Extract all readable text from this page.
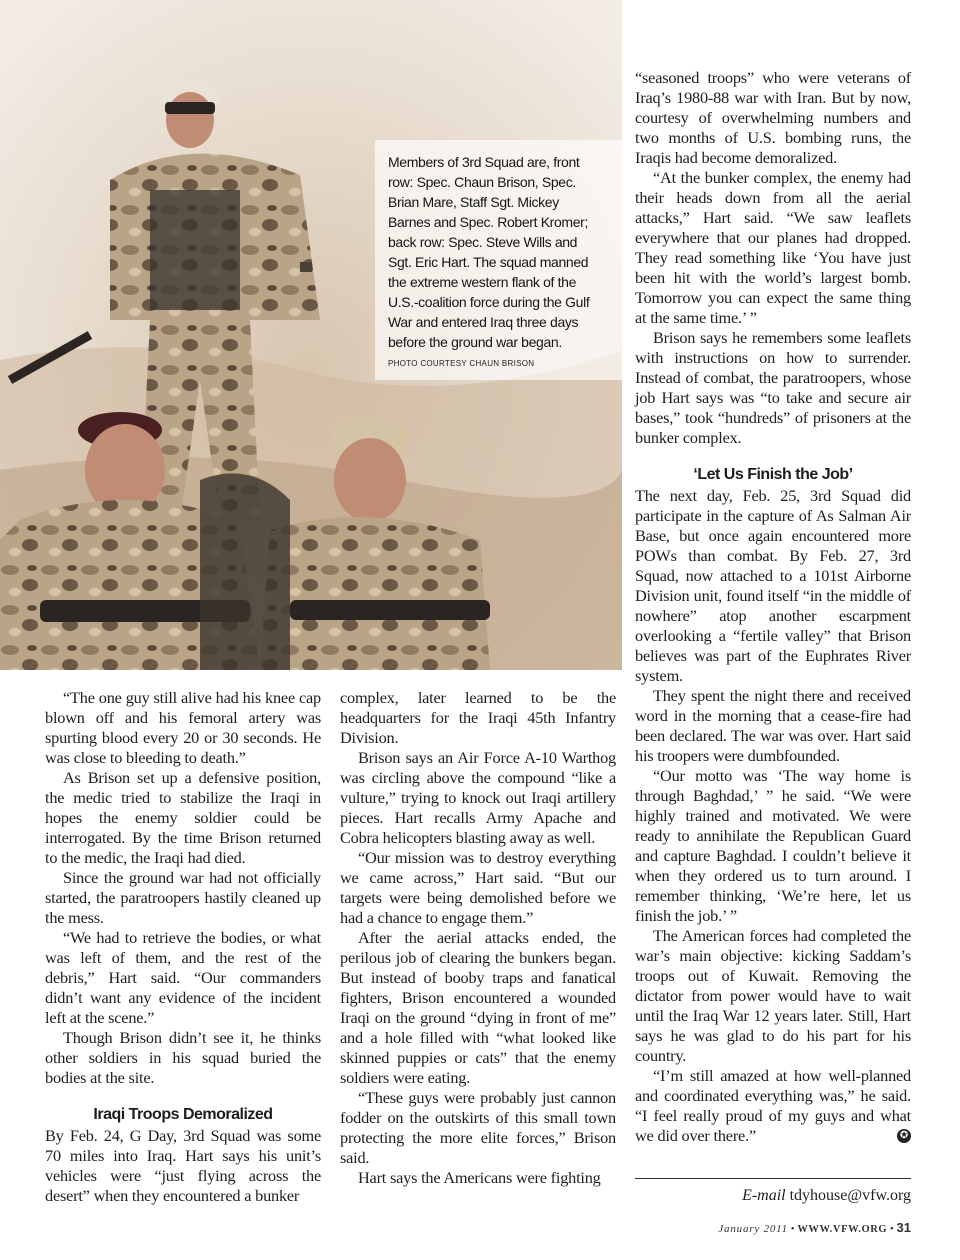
Members of 3rd Squad are, front row: Spec. Chaun Brison, Spec. Brian Mare, Staff Sgt. Mickey Barnes and Spec. Robert Kromer; back row: Spec. Steve Wills and Sgt. Eric Hart. The squad manned the extreme western flank of the U.S.-coalition force during the Gulf War and entered Iraq three days before the ground war began.
PHOTO COURTESY CHAUN BRISON

“The one guy still alive had his knee cap blown off and his femoral artery was spurting blood every 20 or 30 seconds. He was close to bleeding to death.”

As Brison set up a defensive position, the medic tried to stabilize the Iraqi in hopes the enemy soldier could be interrogated. By the time Brison returned to the medic, the Iraqi had died.

Since the ground war had not officially started, the paratroopers hastily cleaned up the mess.

“We had to retrieve the bodies, or what was left of them, and the rest of the debris,” Hart said. “Our commanders didn’t want any evidence of the incident left at the scene.”

Though Brison didn’t see it, he thinks other soldiers in his squad buried the bodies at the site.

Iraqi Troops Demoralized

By Feb. 24, G Day, 3rd Squad was some 70 miles into Iraq. Hart says his unit’s vehicles were “just flying across the desert” when they encountered a bunker

complex, later learned to be the headquarters for the Iraqi 45th Infantry Division.

Brison says an Air Force A-10 Warthog was circling above the compound “like a vulture,” trying to knock out Iraqi artillery pieces. Hart recalls Army Apache and Cobra helicopters blasting away as well.

“Our mission was to destroy everything we came across,” Hart said. “But our targets were being demolished before we had a chance to engage them.”

After the aerial attacks ended, the perilous job of clearing the bunkers began. But instead of booby traps and fanatical fighters, Brison encountered a wounded Iraqi on the ground “dying in front of me” and a hole filled with “what looked like skinned puppies or cats” that the enemy soldiers were eating.

“These guys were probably just cannon fodder on the outskirts of this small town protecting the more elite forces,” Brison said.

Hart says the Americans were fighting

“seasoned troops” who were veterans of Iraq’s 1980-88 war with Iran. But by now, courtesy of overwhelming numbers and two months of U.S. bombing runs, the Iraqis had become demoralized.

“At the bunker complex, the enemy had their heads down from all the aerial attacks,” Hart said. “We saw leaflets everywhere that our planes had dropped. They read something like ‘You have just been hit with the world’s largest bomb. Tomorrow you can expect the same thing at the same time.’ ”

Brison says he remembers some leaflets with instructions on how to surrender. Instead of combat, the paratroopers, whose job Hart says was “to take and secure air bases,” took “hundreds” of prisoners at the bunker complex.

‘Let Us Finish the Job’

The next day, Feb. 25, 3rd Squad did participate in the capture of As Salman Air Base, but once again encountered more POWs than combat. By Feb. 27, 3rd Squad, now attached to a 101st Airborne Division unit, found itself “in the middle of nowhere” atop another escarpment overlooking a “fertile valley” that Brison believes was part of the Euphrates River system.

They spent the night there and received word in the morning that a cease-fire had been declared. The war was over. Hart said his troopers were dumbfounded.

“Our motto was ‘The way home is through Baghdad,’ ” he said. “We were highly trained and motivated. We were ready to annihilate the Republican Guard and capture Baghdad. I couldn’t believe it when they ordered us to turn around. I remember thinking, ‘We’re here, let us finish the job.’ ”

The American forces had completed the war’s main objective: kicking Saddam’s troops out of Kuwait. Removing the dictator from power would have to wait until the Iraq War 12 years later. Still, Hart says he was glad to do his part for his country.

“I’m still amazed at how well-planned and coordinated everything was,” he said. “I feel really proud of my guys and what we did over there.”	✪

E-mail tdyhouse@vfw.org
January 2011 • WWW.VFW.ORG • 31
